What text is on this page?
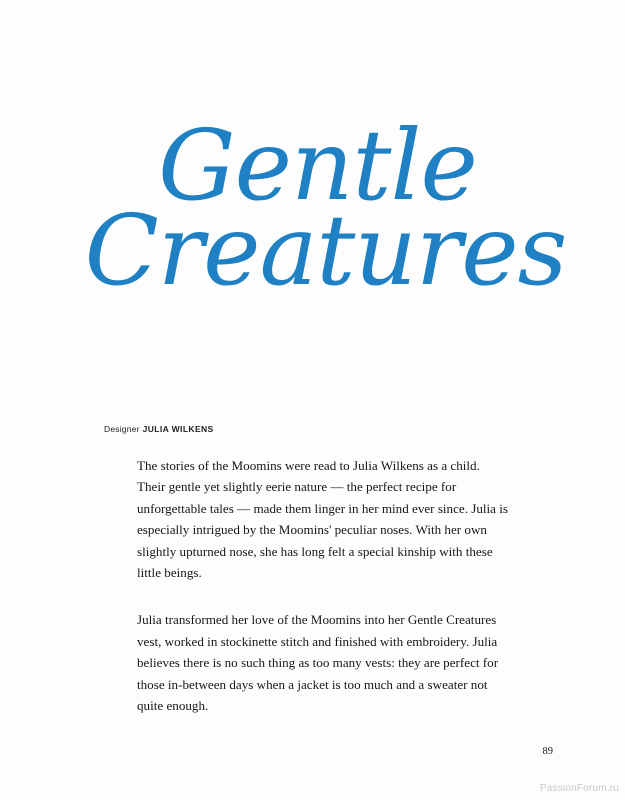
Gentle
Creatures
Designer JULIA WILKENS

The stories of the Moomins were read to Julia Wilkens as a child. Their gentle yet slightly eerie nature — the perfect recipe for unforgettable tales — made them linger in her mind ever since. Julia is especially intrigued by the Moomins' peculiar noses. With her own slightly upturned nose, she has long felt a special kinship with these little beings.

Julia transformed her love of the Moomins into her Gentle Creatures vest, worked in stockinette stitch and finished with embroidery. Julia believes there is no such thing as too many vests: they are perfect for those in-between days when a jacket is too much and a sweater not quite enough.

89
PassionForum.ru
